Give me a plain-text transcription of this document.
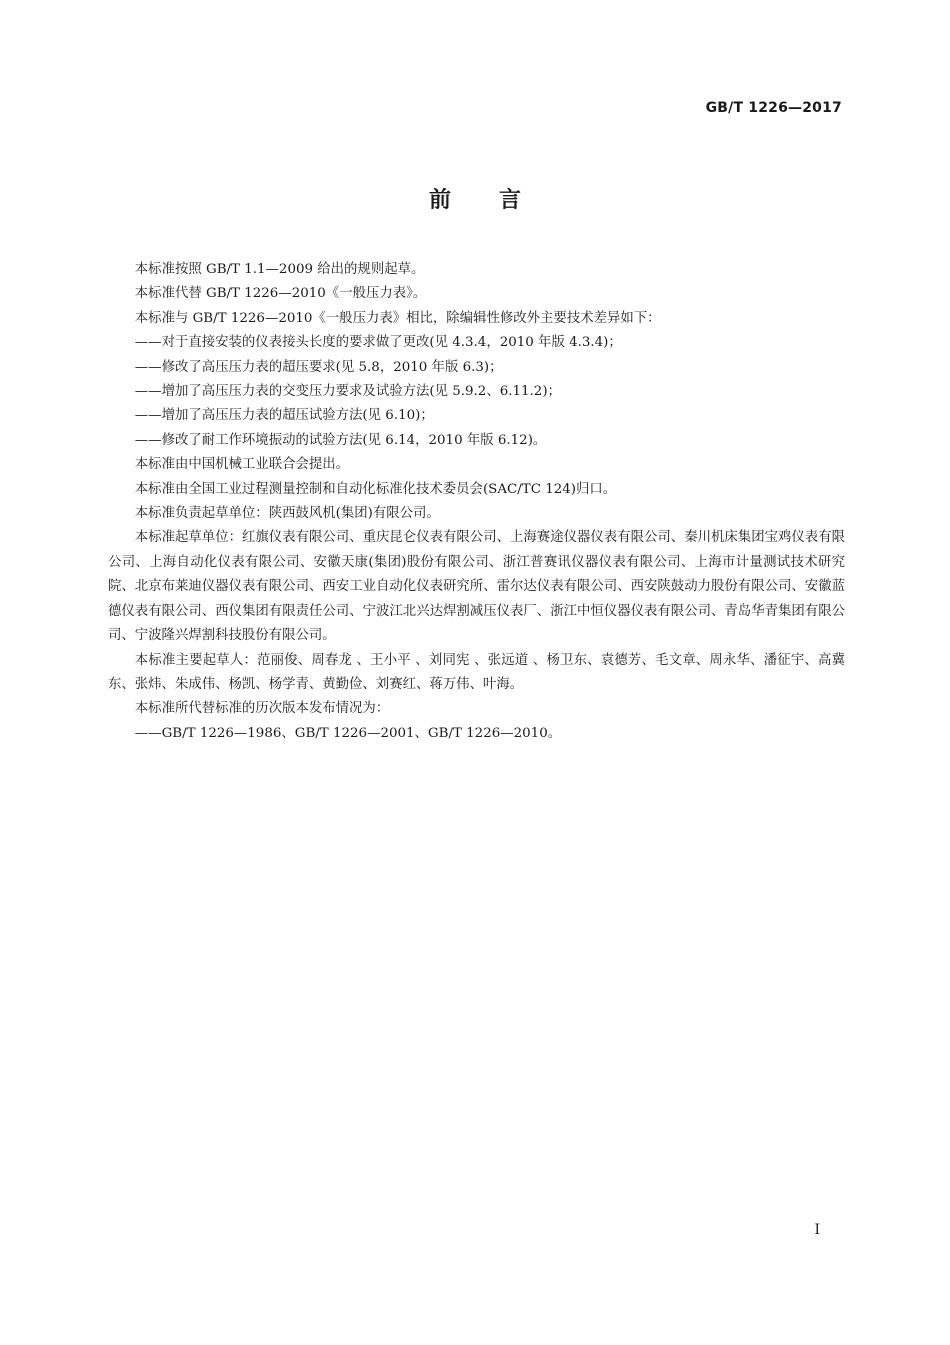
GB/T 1226—2017
前言

本标准按照 GB/T 1.1—2009 给出的规则起草。

本标准代替 GB/T 1226—2010《一般压力表》。

本标准与 GB/T 1226—2010《一般压力表》相比，除编辑性修改外主要技术差异如下：

——对于直接安装的仪表接头长度的要求做了更改(见 4.3.4，2010 年版 4.3.4)；

——修改了高压压力表的超压要求(见 5.8，2010 年版 6.3)；

——增加了高压压力表的交变压力要求及试验方法(见 5.9.2、6.11.2)；

——增加了高压压力表的超压试验方法(见 6.10)；

——修改了耐工作环境振动的试验方法(见 6.14，2010 年版 6.12)。

本标准由中国机械工业联合会提出。

本标准由全国工业过程测量控制和自动化标准化技术委员会(SAC/TC 124)归口。

本标准负责起草单位：陕西鼓风机(集团)有限公司。

本标准起草单位：红旗仪表有限公司、重庆昆仑仪表有限公司、上海赛途仪器仪表有限公司、秦川机床集团宝鸡仪表有限公司、上海自动化仪表有限公司、安徽天康(集团)股份有限公司、浙江普赛讯仪器仪表有限公司、上海市计量测试技术研究院、北京布莱迪仪器仪表有限公司、西安工业自动化仪表研究所、雷尔达仪表有限公司、西安陕鼓动力股份有限公司、安徽蓝德仪表有限公司、西仪集团有限责任公司、宁波江北兴达焊割减压仪表厂、浙江中恒仪器仪表有限公司、青岛华青集团有限公司、宁波隆兴焊割科技股份有限公司。

本标准主要起草人：范丽俊、周春龙 、王小平 、刘同宪 、张远道 、杨卫东、袁德芳、毛文章、周永华、潘征宇、高冀东、张炜、朱成伟、杨凯、杨学青、黄勤俭、刘赛红、蒋万伟、叶海。

本标准所代替标准的历次版本发布情况为：

——GB/T 1226—1986、GB/T 1226—2001、GB/T 1226—2010。

I
